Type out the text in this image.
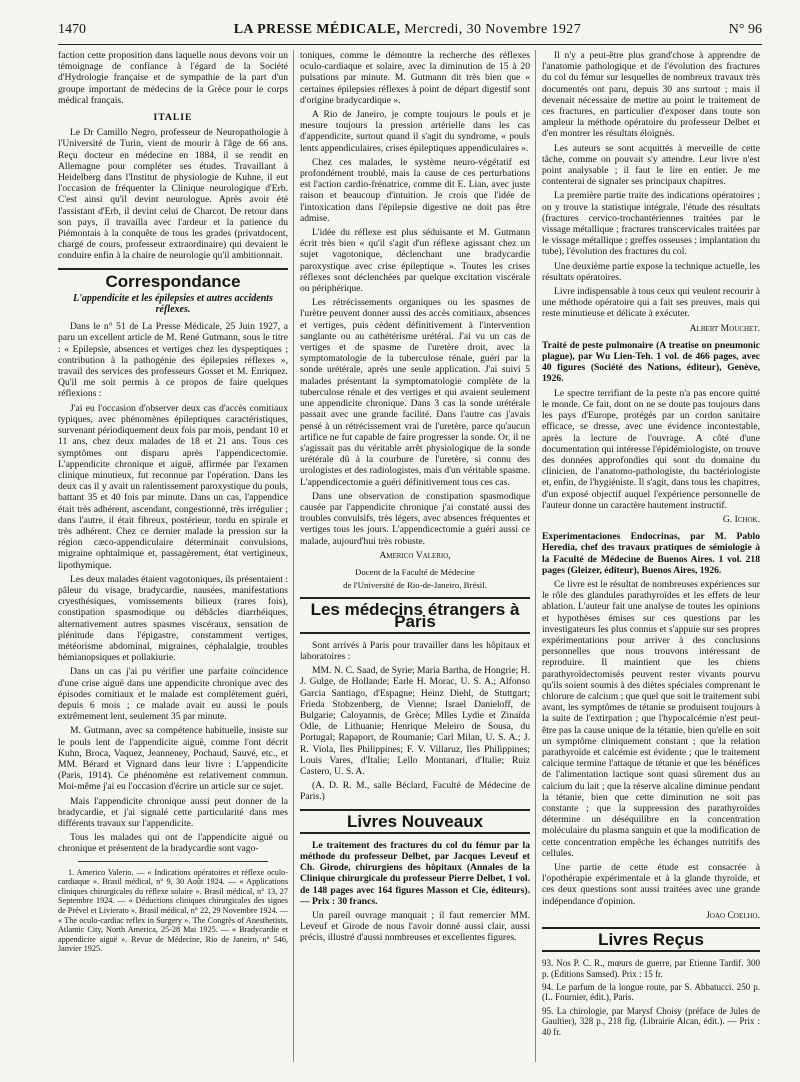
1470	LA PRESSE MÉDICALE, Mercredi, 30 Novembre 1927	N° 96

faction cette proposition dans laquelle nous devons voir un témoignage de confiance à l'égard de la Société d'Hydrologie française et de sympathie de la part d'un groupe important de médecins de la Grèce pour le corps médical français.

ITALIE

Le Dr Camillo Negro, professeur de Neuropathologie à l'Université de Turin, vient de mourir à l'âge de 66 ans. Reçu docteur en médecine en 1884, il se rendit en Allemagne pour compléter ses études. Travaillant à Heidelberg dans l'Institut de physiologie de Kuhne, il eut l'occasion de fréquenter la Clinique neurologique d'Erb. C'est ainsi qu'il devint neurologue. Après avoir été l'assistant d'Erb, il devint celui de Charcot. De retour dans son pays, il travailla avec l'ardeur et la patience du Piémontais à la conquête de tous les grades (privatdocent, chargé de cours, professeur extraordinaire) qui devaient le conduire enfin à la chaire de neurologie qu'il ambitionnait.

Correspondance
L'appendicite et les épilepsies et autres accidents réflexes.

Dans le n° 51 de La Presse Médicale, 25 Juin 1927, a paru un excellent article de M. René Gutmann, sous le titre : « Epilepsie, absences et vertiges chez les dyspeptiques ; contribution à la pathogénie des épilepsies réflexes », travail des services des professeurs Gosset et M. Enriquez. Qu'il me soit permis à ce propos de faire quelques réflexions :

J'ai eu l'occasion d'observer deux cas d'accès comitiaux typiques, avec phénomènes épileptiques caractéristiques, survenant périodiquement deux fois par mois, pendant 10 et 11 ans, chez deux malades de 18 et 21 ans. Tous ces symptômes ont disparu après l'appendicectomie. L'appendicite chronique et aiguë, affirmée par l'examen clinique minutieux, fut reconnue par l'opération. Dans les deux cas il y avait un ralentissement paroxystique du pouls, battant 35 et 40 fois par minute. Dans un cas, l'appendice était très adhérent, ascendant, congestionné, très irrégulier ; dans l'autre, il était fibreux, postérieur, tordu en spirale et très adhérent. Chez ce dernier malade la pression sur la région cæco-appendiculaire déterminait convulsions, migraine ophtalmique et, passagèrement, état vertigineux, lipothymique.

Les deux malades étaient vagotoniques, ils présentaient : pâleur du visage, bradycardie, nausées, manifestations cryesthésiques, vomissements bilieux (rares fois), constipation spasmodique ou débâcles diarrhéiques, alternativement autres spasmes viscéraux, sensation de plénitude dans l'épigastre, constamment vertiges, météorisme abdominal, migraines, céphalalgie, troubles hémianopsiques et pollakiurie.

Dans un cas j'ai pu vérifier une parfaite coïncidence d'une crise aiguë dans une appendicite chronique avec des épisodes comitiaux et le malade est complètement guéri, depuis 6 mois ; ce malade avait eu aussi le pouls extrêmement lent, seulement 35 par minute.

M. Gutmann, avec sa compétence habituelle, insiste sur le pouls lent de l'appendicite aiguë, comme l'ont décrit Kuhn, Broca, Vaquez, Jeanneney, Pochaud, Sauvé, etc., et MM. Bérard et Vignard dans leur livre : L'appendicite (Paris, 1914). Ce phénomène est relativement commun. Moi-même j'ai eu l'occasion d'écrire un article sur ce sujet.

Mais l'appendicite chronique aussi peut donner de la bradycardie, et j'ai signalé cette particularité dans mes différents travaux sur l'appendicite.

Tous les malades qui ont de l'appendicite aiguë ou chronique et présentent de la bradycardie sont vago-

1. Americo Valerio. — « Indications opératoires et réflexe oculo-cardiaque ». Brasil médical, n° 9, 30 Août 1924. — « Applications cliniques chirurgicales du réflexe solaire ». Brasil médical, n° 13, 27 Septembre 1924. — « Déductions cliniques chirurgicales des signes de Prével et Livierato ». Brasil médical, n° 22, 29 Novembre 1924. — « The oculo-cardiac reflex in Surgery ». The Congrès of Anesthetists, Atlantic City, North America, 25-28 Mai 1925. — « Bradycardie et appendicite aiguë ». Revue de Médecine, Rio de Janeiro, n° 546, Janvier 1925.

toniques, comme le démontre la recherche des réflexes oculo-cardiaque et solaire, avec la diminution de 15 à 20 pulsations par minute. M. Gutmann dit très bien que « certaines épilepsies réflexes à point de départ digestif sont d'origine bradycardique ».

A Rio de Janeiro, je compte toujours le pouls et je mesure toujours la pression artérielle dans les cas d'appendicite, surtout quand il s'agit du syndrome, « pouls lents appendiculaires, crises épileptiques appendiculaires ».

Chez ces malades, le système neuro-végétatif est profondément troublé, mais la cause de ces perturbations est l'action cardio-frénatrice, comme dit E. Lian, avec juste raison et beaucoup d'intuition. Je crois que l'idée de l'intoxication dans l'épilepsie digestive ne doit pas être admise.

L'idée du réflexe est plus séduisante et M. Gutmann écrit très bien « qu'il s'agit d'un réflexe agissant chez un sujet vagotonique, déclenchant une bradycardie paroxystique avec crise épileptique ». Toutes les crises réflexes sont déclenchées par quelque excitation viscérale ou périphérique.

Les rétrécissements organiques ou les spasmes de l'urètre peuvent donner aussi des accès comitiaux, absences et vertiges, puis cèdent définitivement à l'intervention sanglante ou au cathétérisme urétéral. J'ai vu un cas de vertiges et de spasme de l'uretère droit, avec la symptomatologie de la tuberculose rénale, guéri par la sonde urétérale, après une seule application. J'ai suivi 5 malades présentant la symptomatologie complète de la tuberculose rénale et des vertiges et qui avaient seulement une appendicite chronique. Dans 3 cas la sonde urétérale passait avec une grande facilité. Dans l'autre cas j'avais pensé à un rétrécissement vrai de l'uretère, parce qu'aucun artifice ne fut capable de faire progresser la sonde. Or, il ne s'agissait pas du véritable arrêt physiologique de la sonde urétérale dû à la courbure de l'uretère, si connu des urologistes et des radiologistes, mais d'un véritable spasme. L'appendicectomie a guéri définitivement tous ces cas.

Dans une observation de constipation spasmodique causée par l'appendicite chronique j'ai constaté aussi des troubles convulsifs, très légers, avec absences fréquentes et vertiges tous les jours. L'appendicectomie a guéri aussi ce malade, aujourd'hui très robuste.

Americo Valerio,
Docent de la Faculté de Médecine
de l'Université de Rio-de-Janeiro, Brésil.
Les médecins étrangers à Paris

Sont arrivés à Paris pour travailler dans les hôpitaux et laboratoires :

MM. N. C. Saad, de Syrie; Maria Bartha, de Hongrie; H. J. Gulge, de Hollande; Earle H. Morac, U. S. A.; Alfonso Garcia Santiago, d'Espagne; Heinz Diehl, de Stuttgart; Frieda Stobzenberg, de Vienne; Israel Danieloff, de Bulgarie; Caloyannis, de Grèce; Mlles Lydie et Zinaïda Odle, de Lithuanie; Henrique Meleiro de Sousa, du Portugal; Rapaport, de Roumanie; Carl Milan, U. S. A.; J. R. Viola, Iles Philippines; F. V. Villaruz, Iles Philippines; Louis Vares, d'Italie; Lello Montanari, d'Italie; Ruiz Castero, U. S. A.

(A. D. R. M., salle Béclard, Faculté de Médecine de Paris.)

Livres Nouveaux

Le traitement des fractures du col du fémur par la méthode du professeur Delbet, par Jacques Leveuf et Ch. Girode, chirurgiens des hôpitaux (Annales de la Clinique chirurgicale du professeur Pierre Delbet, 1 vol. de 148 pages avec 164 figures Masson et Cie, éditeurs). — Prix : 30 francs.

Un pareil ouvrage manquait ; il faut remercier MM. Leveuf et Girode de nous l'avoir donné aussi clair, aussi précis, illustré d'aussi nombreuses et excellentes figures.

Il n'y a peut-être plus grand'chose à apprendre de l'anatomie pathologique et de l'évolution des fractures du col du fémur sur lesquelles de nombreux travaux très documentés ont paru, depuis 30 ans surtout ; mais il devenait nécessaire de mettre au point le traitement de ces fractures, en particulier d'exposer dans toute son ampleur la méthode opératoire du professeur Delbet et d'en montrer les résultats éloignés.

Les auteurs se sont acquittés à merveille de cette tâche, comme on pouvait s'y attendre. Leur livre n'est point analysable ; il faut le lire en entier. Je me contenterai de signaler ses principaux chapitres.

La première partie traite des indications opératoires ; on y trouve la statistique intégrale, l'étude des résultats (fractures cervico-trochantériennes traitées par le vissage métallique ; fractures transcervicales traitées par le vissage métallique ; greffes osseuses ; implantation du tube), l'évolution des fractures du col.

Une deuxième partie expose la technique actuelle, les résultats opératoires.

Livre indispensable à tous ceux qui veulent recourir à une méthode opératoire qui a fait ses preuves, mais qui reste minutieuse et délicate à exécuter.

Albert Mouchet.

Traité de peste pulmonaire (A treatise on pneumonic plague), par Wu Lien-Teh. 1 vol. de 466 pages, avec 40 figures (Société des Nations, éditeur), Genève, 1926.

Le spectre terrifiant de la peste n'a pas encore quitté le monde. Ce fait, dont on ne se doute pas toujours dans les pays d'Europe, protégés par un cordon sanitaire efficace, se dresse, avec une évidence incontestable, après la lecture de l'ouvrage. A côté d'une documentation qui intéresse l'épidémiologiste, on trouve des données approfondies qui sont du domaine du clinicien, de l'anatomo-pathologiste, du bactériologiste et, enfin, de l'hygiéniste. Il s'agit, dans tous les chapitres, d'un exposé objectif auquel l'expérience personnelle de l'auteur donne un caractère hautement instructif.

G. Ichok.

Experimentaciones Endocrinas, par M. Pablo Heredia, chef des travaux pratiques de sémiologie à la Faculté de Médecine de Buenos Aires. 1 vol. 218 pages (Gleizer, éditeur), Buenos Aires, 1926.

Ce livre est le résultat de nombreuses expériences sur le rôle des glandules parathyroïdes et les effets de leur ablation. L'auteur fait une analyse de toutes les opinions et hypothèses émises sur ces questions par les investigateurs les plus connus et s'appuie sur ses propres expérimentations pour arriver à des conclusions personnelles que nous trouvons intéressant de reproduire. Il maintient que les chiens parathyroïdectomisés peuvent rester vivants pourvu qu'ils soient soumis à des diètes spéciales comprenant le chlorure de calcium ; que quel que soit le traitement subi avant, les symptômes de tétanie se produisent toujours à la suite de l'extirpation ; que l'hypocalcémie n'est peut-être pas la cause unique de la tétanie, bien qu'elle en soit un symptôme cliniquement constant ; que la relation parathyroïde et calcémie est évidente ; que le traitement calcique termine l'attaque de tétanie et que les bénéfices de l'alimentation lactique sont quasi sûrement dus au calcium du lait ; que la réserve alcaline diminue pendant la tétanie, bien que cette diminution ne soit pas constante ; que la suppression des parathyroïdes détermine un déséquilibre en la concentration moléculaire du plasma sanguin et que la modification de cette concentration empêche les échanges nutritifs des cellules.

Une partie de cette étude est consacrée à l'opothérapie expérimentale et à la glande thyroïde, et ces deux questions sont aussi traitées avec une grande indépendance d'opinion.

Joao Coelho.
Livres Reçus

93. Nos P. C. R., mœurs de guerre, par Etienne Tardif. 300 p. (Editions Samsed). Prix : 15 fr.

94. Le parfum de la longue route, par S. Abbatucci. 250 p. (L. Fournier, édit.), Paris.

95. La chirologie, par Marysf Choisy (préface de Jules de Gaultier), 328 p., 218 fig. (Librairie Alcan, édit.). — Prix : 40 fr.
